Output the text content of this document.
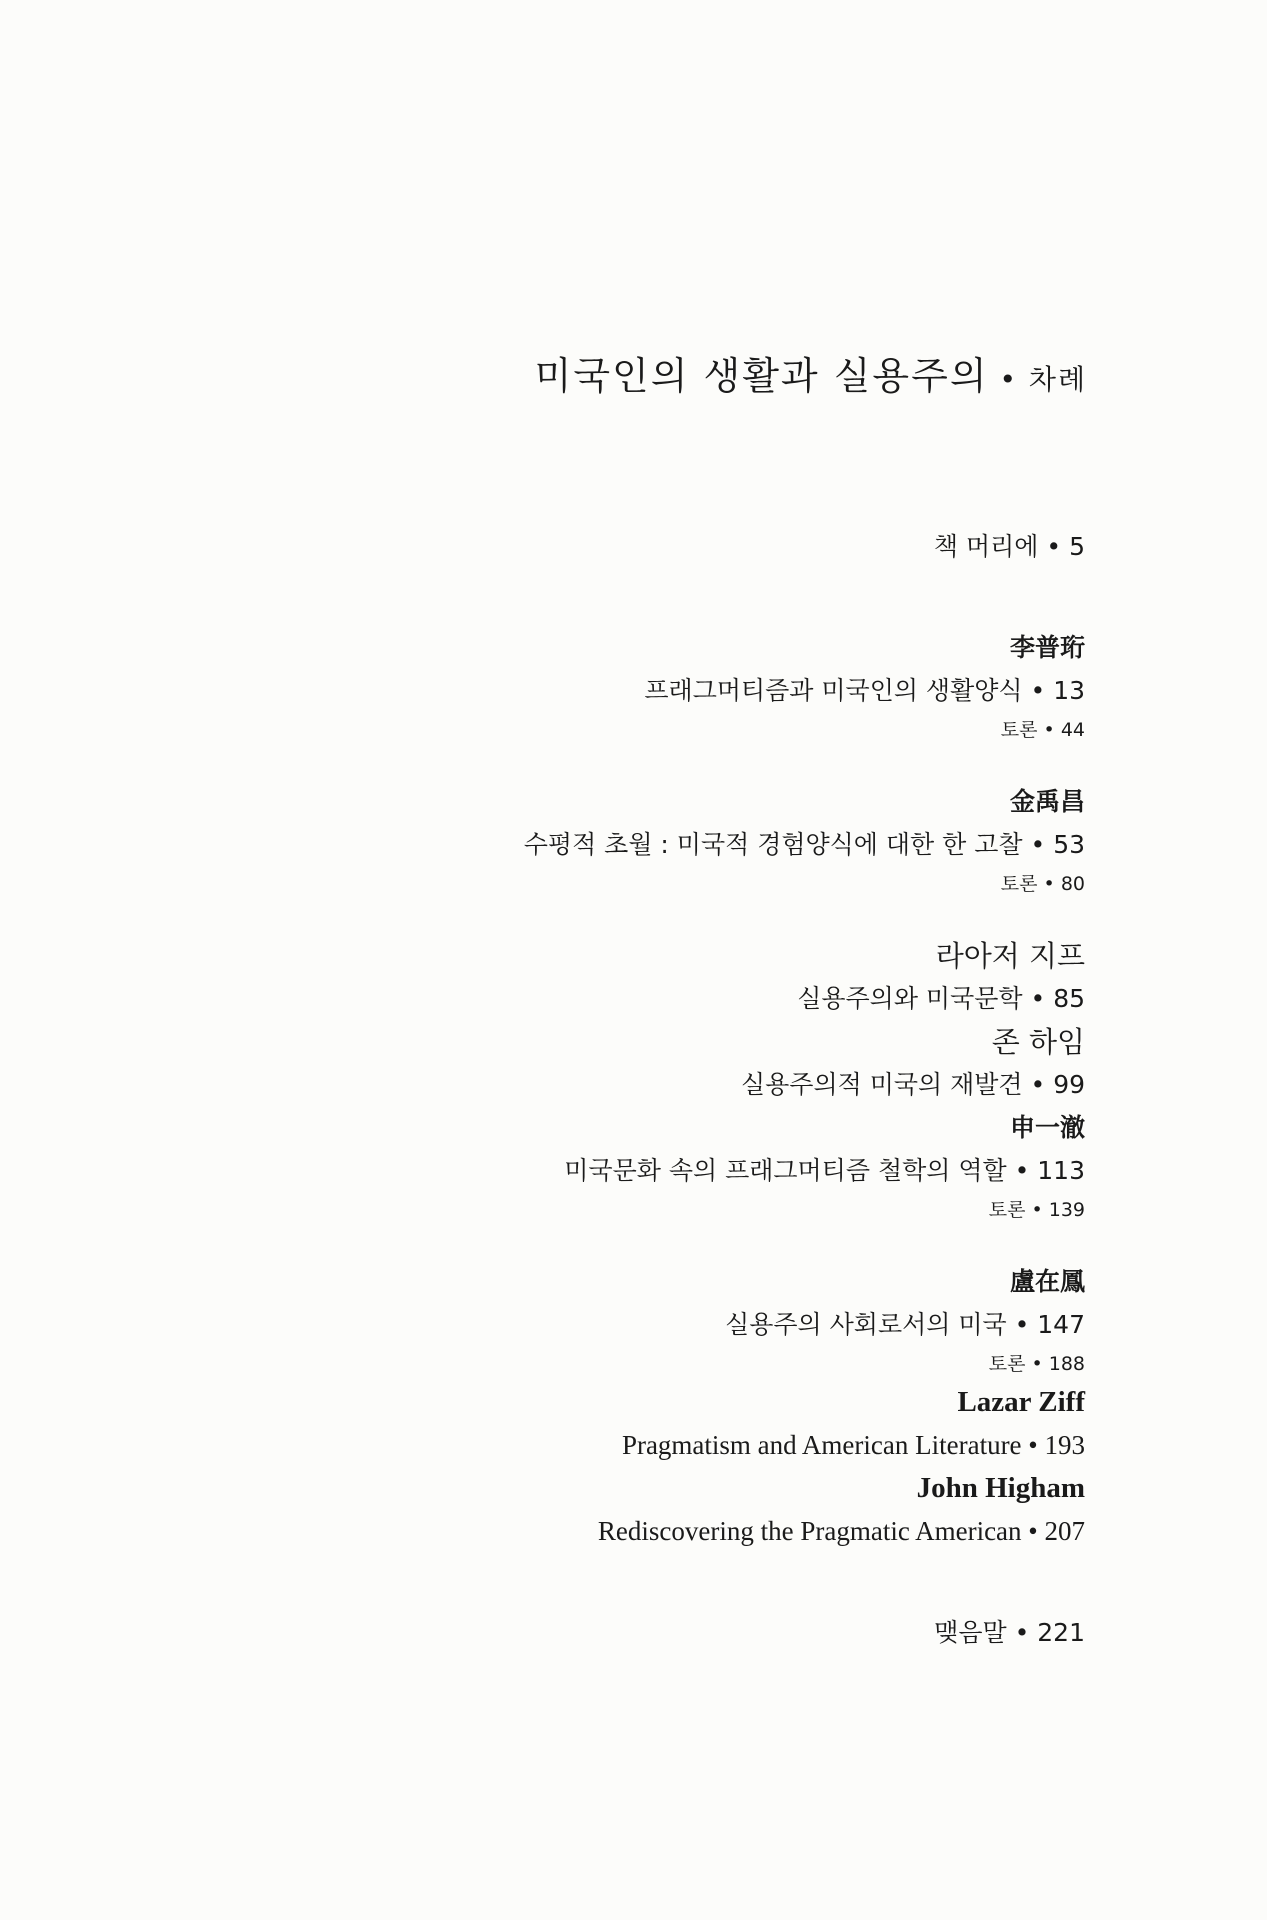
미국인의 생활과 실용주의 • 차례
책 머리에 • 5
李普珩
프래그머티즘과 미국인의 생활양식 • 13
토론 • 44
金禹昌
수평적 초월 : 미국적 경험양식에 대한 한 고찰 • 53
토론 • 80
라아저 지프
실용주의와 미국문학 • 85
존 하임
실용주의적 미국의 재발견 • 99
申一澈
미국문화 속의 프래그머티즘 철학의 역할 • 113
토론 • 139
盧在鳳
실용주의 사회로서의 미국 • 147
토론 • 188
Lazar Ziff
Pragmatism and American Literature • 193
John Higham
Rediscovering the Pragmatic American • 207
맺음말 • 221
